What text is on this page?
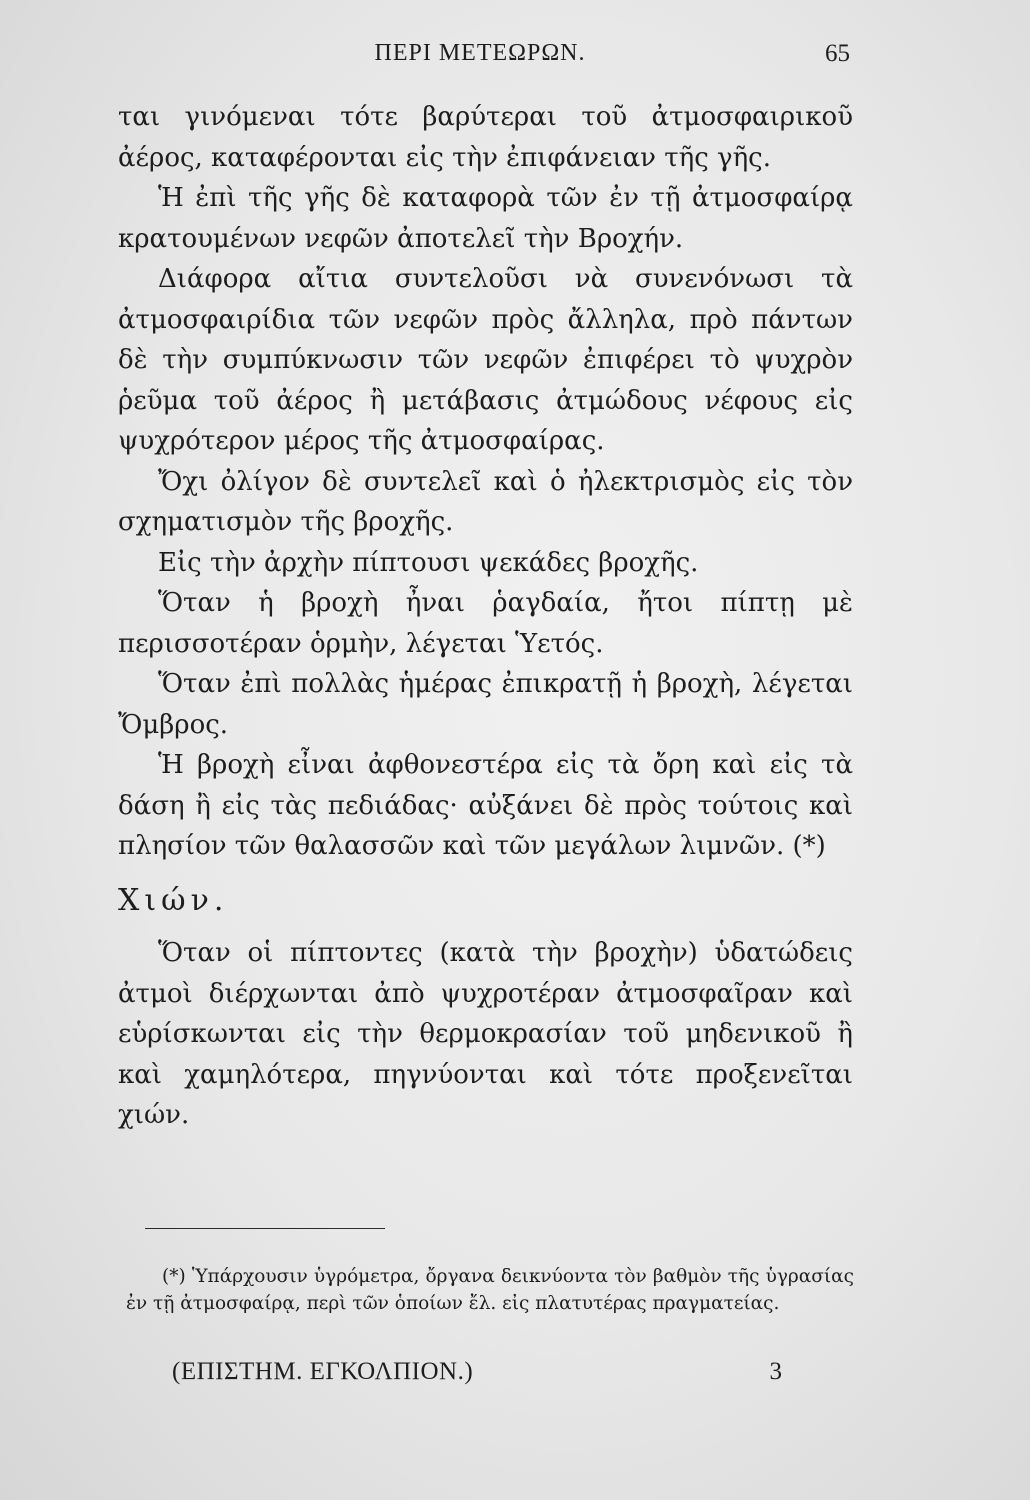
ΠΕΡΙ ΜΕΤΕΩΡΩΝ.	65

ται γινόμεναι τότε βαρύτεραι τοῦ ἀτμοσφαιρικοῦ ἀέρος, καταφέρονται εἰς τὴν ἐπιφάνειαν τῆς γῆς.

Ἡ ἐπὶ τῆς γῆς δὲ καταφορὰ τῶν ἐν τῇ ἀτμοσφαίρᾳ κρατουμένων νεφῶν ἀποτελεῖ τὴν Βροχήν.

Διάφορα αἴτια συντελοῦσι νὰ συνενόνωσι τὰ ἀτμοσφαιρίδια τῶν νεφῶν πρὸς ἄλληλα, πρὸ πάντων δὲ τὴν συμπύκνωσιν τῶν νεφῶν ἐπιφέρει τὸ ψυχρὸν ῥεῦμα τοῦ ἀέρος ἢ μετάβασις ἀτμώδους νέφους εἰς ψυχρότερον μέρος τῆς ἀτμοσφαίρας.

Ὄχι ὀλίγον δὲ συντελεῖ καὶ ὁ ἠλεκτρισμὸς εἰς τὸν σχηματισμὸν τῆς βροχῆς.

Εἰς τὴν ἀρχὴν πίπτουσι ψεκάδες βροχῆς.

Ὅταν ἡ βροχὴ ἦναι ῥαγδαία, ἤτοι πίπτῃ μὲ περισσοτέραν ὁρμὴν, λέγεται Ὑετός.

Ὅταν ἐπὶ πολλὰς ἡμέρας ἐπικρατῇ ἡ βροχὴ, λέγεται Ὄμβρος.

Ἡ βροχὴ εἶναι ἀφθονεστέρα εἰς τὰ ὄρη καὶ εἰς τὰ δάση ἢ εἰς τὰς πεδιάδας· αὐξάνει δὲ πρὸς τούτοις καὶ πλησίον τῶν θαλασσῶν καὶ τῶν μεγάλων λιμνῶν. (*)

Χιών.

Ὅταν οἱ πίπτοντες (κατὰ τὴν βροχὴν) ὑδατώδεις ἀτμοὶ διέρχωνται ἀπὸ ψυχροτέραν ἀτμοσφαῖραν καὶ εὑρίσκωνται εἰς τὴν θερμοκρασίαν τοῦ μηδενικοῦ ἢ καὶ χαμηλότερα, πηγνύονται καὶ τότε προξενεῖται χιών.

(*) Ὑπάρχουσιν ὑγρόμετρα, ὄργανα δεικνύοντα τὸν βαθμὸν τῆς ὑγρασίας ἐν τῇ ἀτμοσφαίρᾳ, περὶ τῶν ὁποίων ἔλ. εἰς πλατυτέρας πραγματείας.

(ΕΠΙΣΤΗΜ. ΕΓΚΟΛΠΙΟΝ.)	3
